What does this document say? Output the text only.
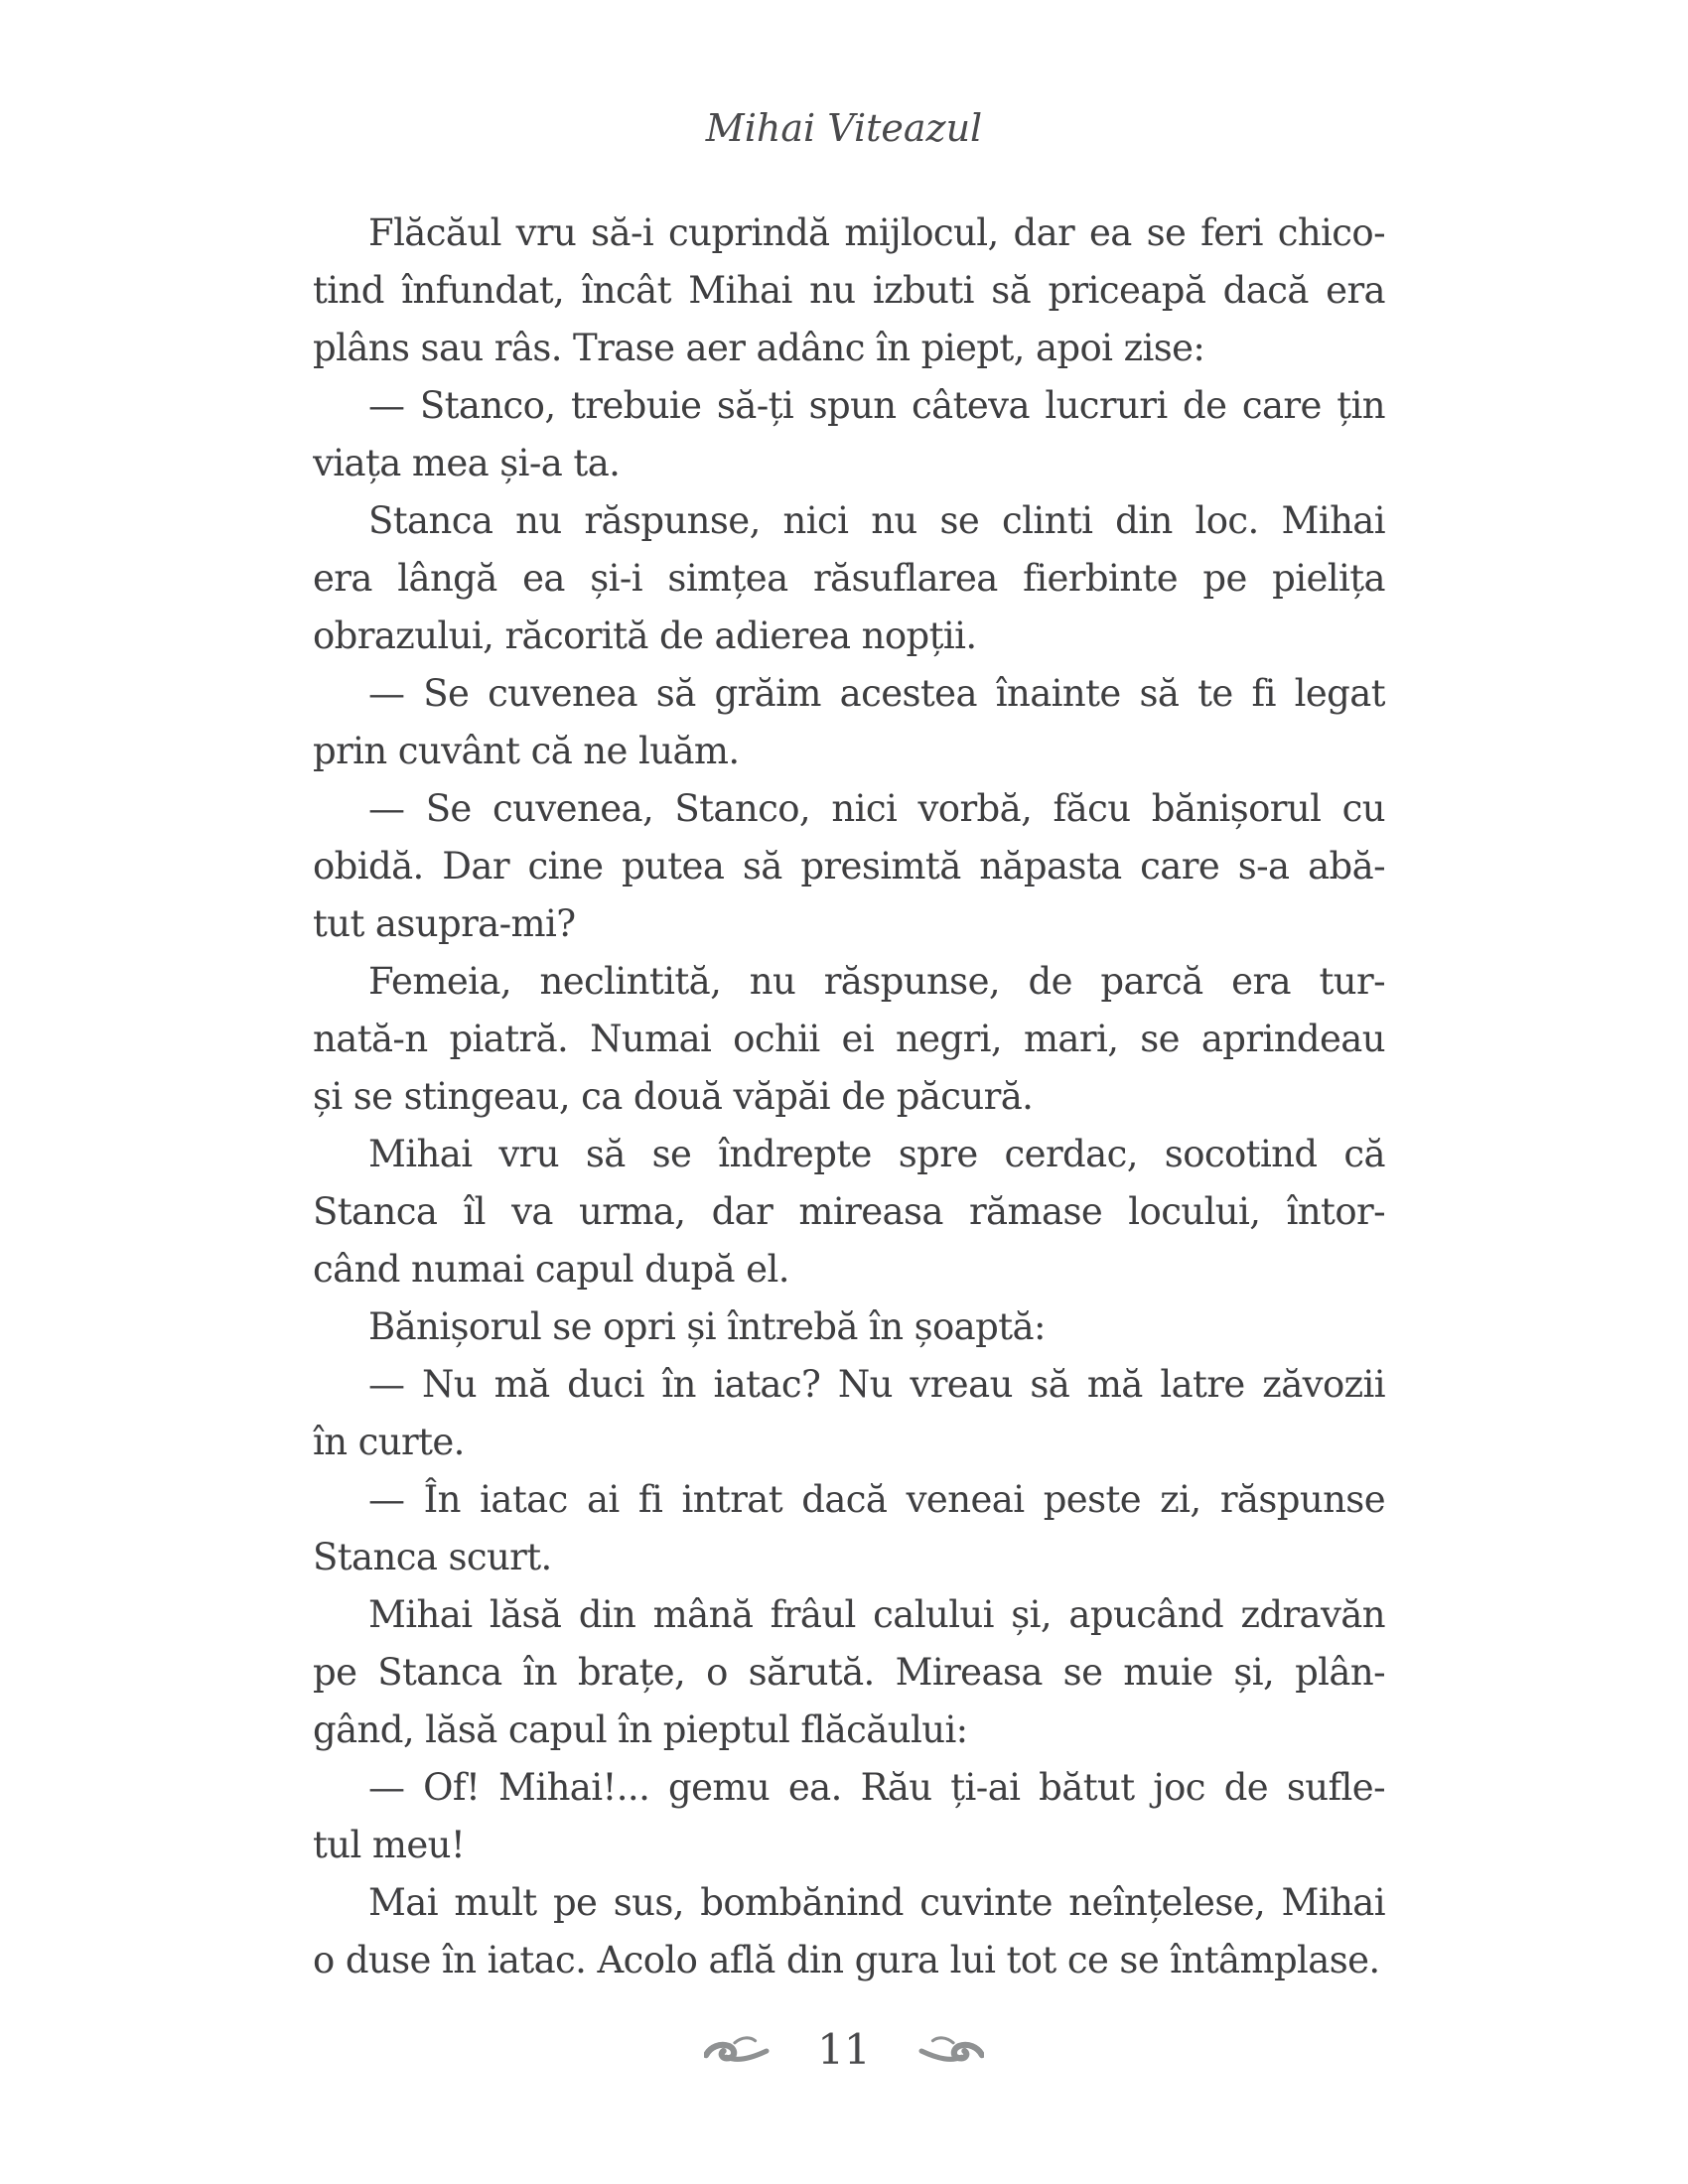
Mihai Viteazul
Flăcăul vru să-i cuprindă mijlocul, dar ea se feri chico-
tind înfundat, încât Mihai nu izbuti să priceapă dacă era
plâns sau râs. Trase aer adânc în piept, apoi zise:
— Stanco, trebuie să-ți spun câteva lucruri de care țin
viața mea și-a ta.
Stanca nu răspunse, nici nu se clinti din loc. Mihai
era lângă ea și-i simțea răsuflarea fierbinte pe pielița
obrazului, răcorită de adierea nopții.
— Se cuvenea să grăim acestea înainte să te fi legat
prin cuvânt că ne luăm.
— Se cuvenea, Stanco, nici vorbă, făcu bănișorul cu
obidă. Dar cine putea să presimtă năpasta care s-a abă-
tut asupra-mi?
Femeia, neclintită, nu răspunse, de parcă era tur-
nată-n piatră. Numai ochii ei negri, mari, se aprindeau
și se stingeau, ca două văpăi de păcură.
Mihai vru să se îndrepte spre cerdac, socotind că
Stanca îl va urma, dar mireasa rămase locului, întor-
când numai capul după el.
Bănișorul se opri și întrebă în șoaptă:
— Nu mă duci în iatac? Nu vreau să mă latre zăvozii
în curte.
— În iatac ai fi intrat dacă veneai peste zi, răspunse
Stanca scurt.
Mihai lăsă din mână frâul calului și, apucând zdravăn
pe Stanca în brațe, o sărută. Mireasa se muie și, plân-
gând, lăsă capul în pieptul flăcăului:
— Of! Mihai!... gemu ea. Rău ți-ai bătut joc de sufle-
tul meu!
Mai mult pe sus, bombănind cuvinte neînțelese, Mihai
o duse în iatac. Acolo află din gura lui tot ce se întâmplase.
11
